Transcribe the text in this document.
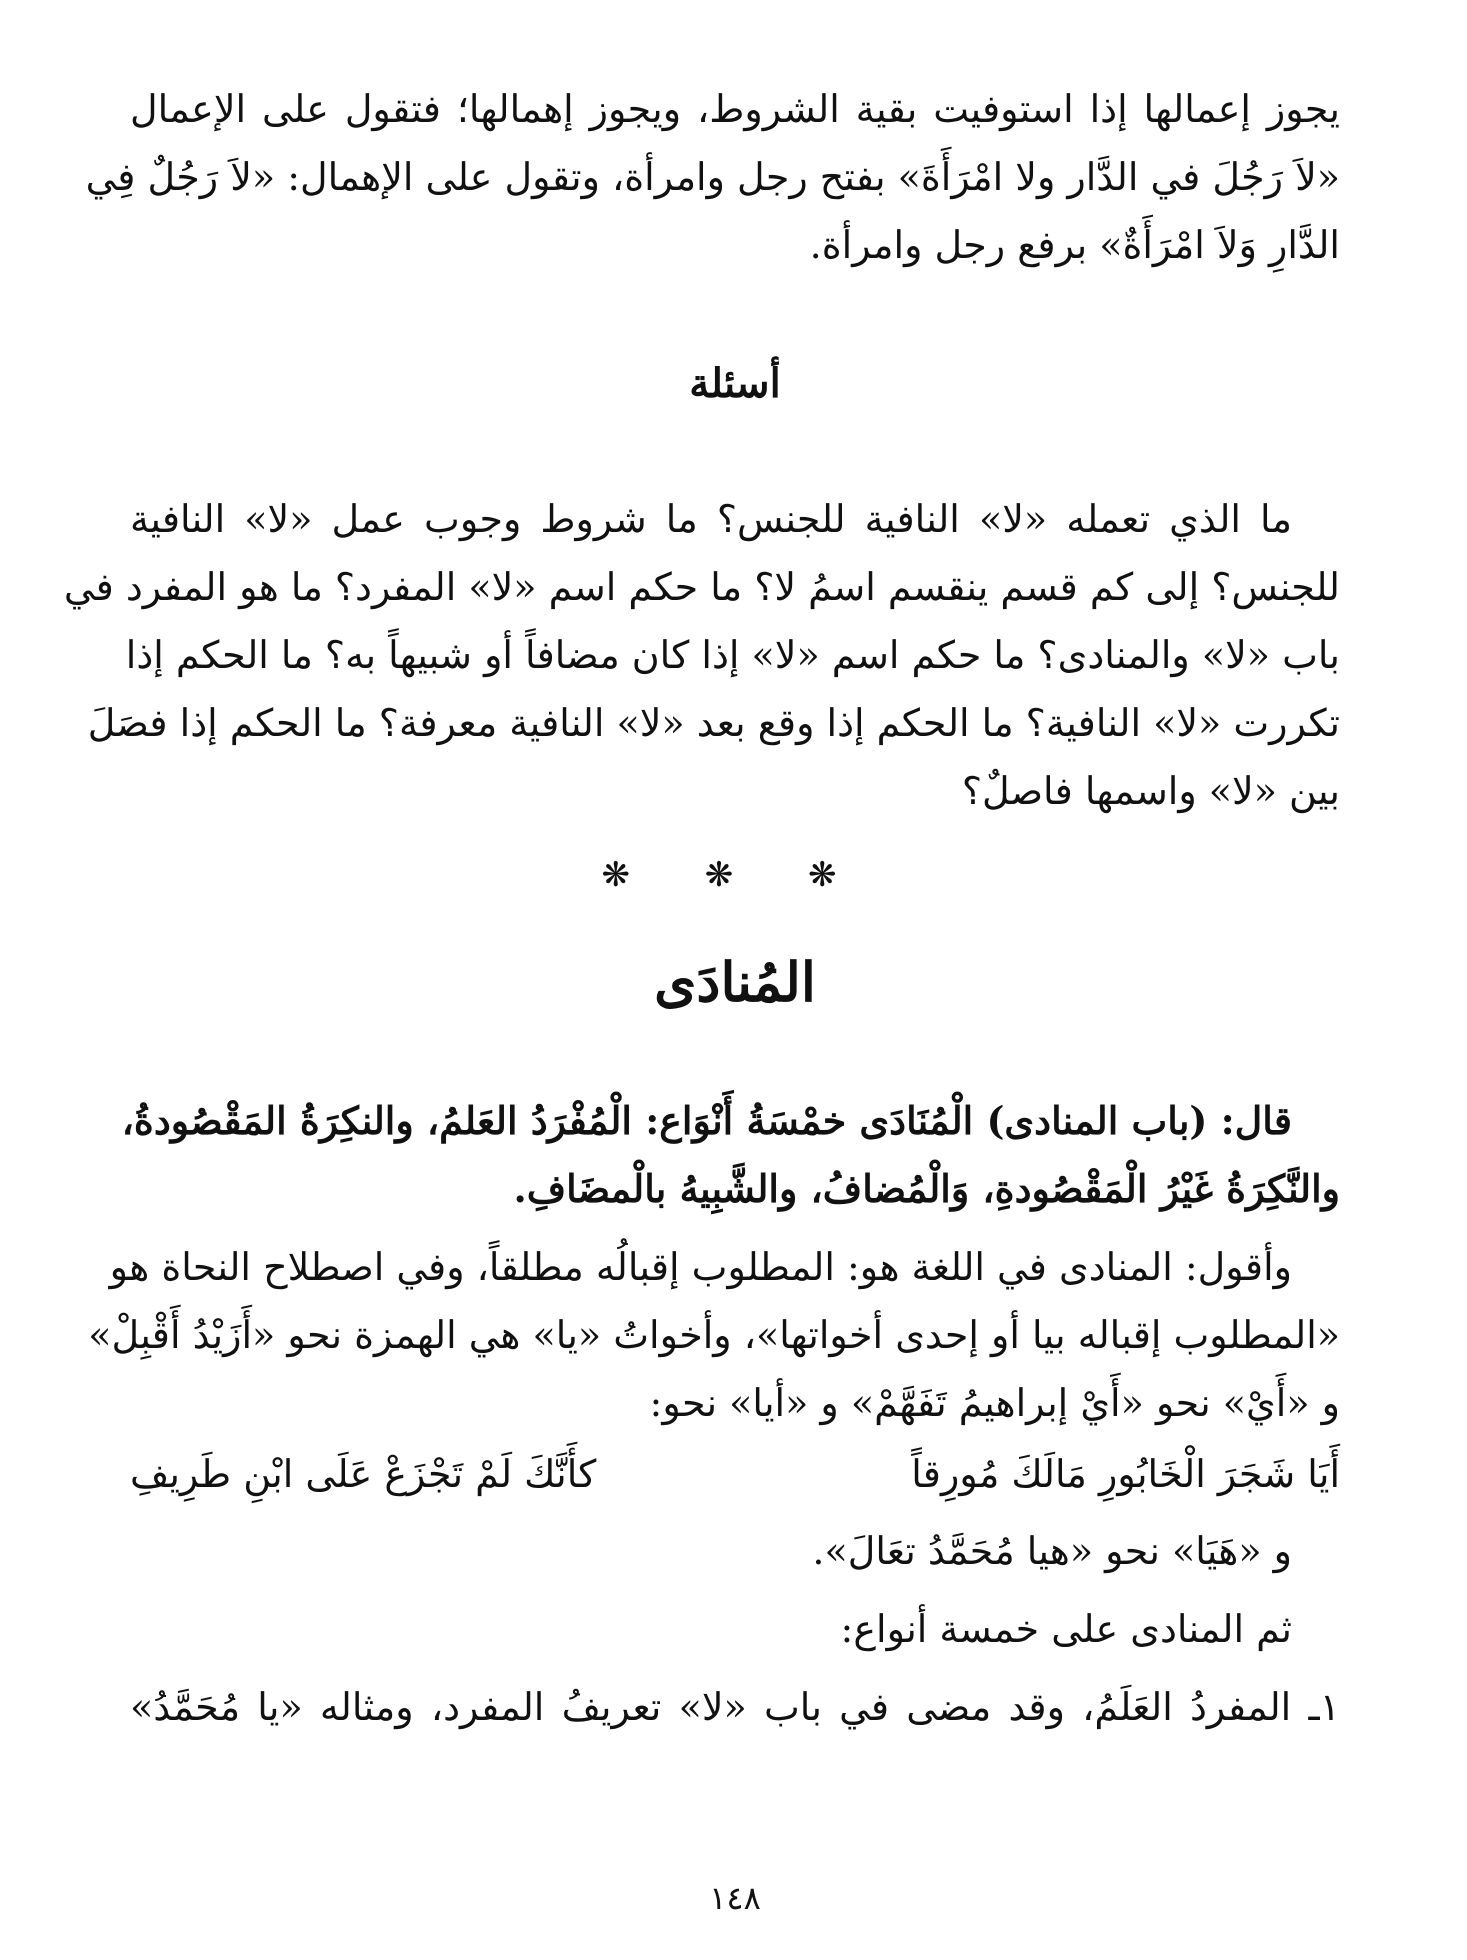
يجوز إعمالها إذا استوفيت بقية الشروط، ويجوز إهمالها؛ فتقول على الإعمال
«لاَ رَجُلَ في الدَّار ولا امْرَأَةَ» بفتح رجل وامرأة، وتقول على الإهمال: «لاَ رَجُلٌ فِي
الدَّارِ وَلاَ امْرَأَةٌ» برفع رجل وامرأة.
أسئلة
ما الذي تعمله «لا» النافية للجنس؟ ما شروط وجوب عمل «لا» النافية
للجنس؟ إلى كم قسم ينقسم اسمُ لا؟ ما حكم اسم «لا» المفرد؟ ما هو المفرد في
باب «لا» والمنادى؟ ما حكم اسم «لا» إذا كان مضافاً أو شبيهاً به؟ ما الحكم إذا
تكررت «لا» النافية؟ ما الحكم إذا وقع بعد «لا» النافية معرفة؟ ما الحكم إذا فصَلَ
بين «لا» واسمها فاصلٌ؟
❋ ❋ ❋
المُنادَى
قال: (باب المنادى) الْمُنَادَى خمْسَةُ أَنْوَاع: الْمُفْرَدُ العَلمُ، والنكِرَةُ المَقْصُودةُ،
والنَّكِرَةُ غَيْرُ الْمَقْصُودةِ، وَالْمُضافُ، والشَّبِيهُ بالْمضَافِ.
وأقول: المنادى في اللغة هو: المطلوب إقبالُه مطلقاً، وفي اصطلاح النحاة هو
«المطلوب إقباله بيا أو إحدى أخواتها»، وأخواتُ «يا» هي الهمزة نحو «أَزَيْدُ أَقْبِلْ»
و «أَيْ» نحو «أَيْ إبراهيمُ تَفَهَّمْ» و «أيا» نحو:
أَيَا شَجَرَ الْخَابُورِ مَالَكَ مُورِقاً
كأَنَّكَ لَمْ تَجْزَعْ عَلَى ابْنِ طَرِيفِ
و «هَيَا» نحو «هيا مُحَمَّدُ تعَالَ».
ثم المنادى على خمسة أنواع:
١ـ المفردُ العَلَمُ، وقد مضى في باب «لا» تعريفُ المفرد، ومثاله «يا مُحَمَّدُ»
١٤٨
